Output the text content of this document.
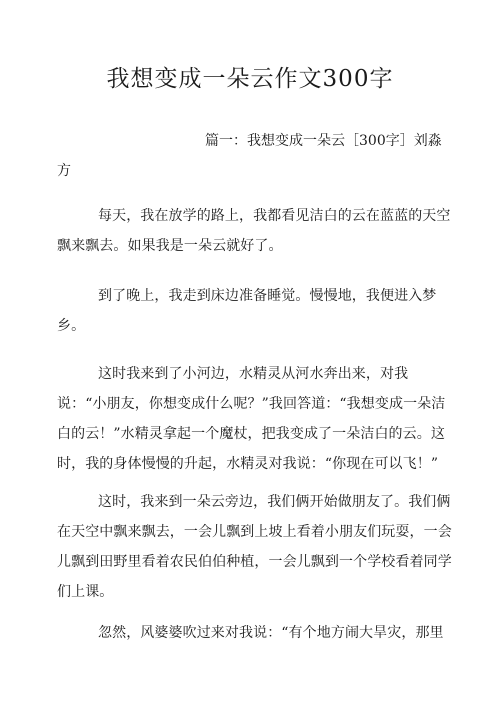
我想变成一朵云作文300字
篇一：我想变成一朵云［300字］刘淼方

每天，我在放学的路上，我都看见洁白的云在蓝蓝的天空飘来飘去。如果我是一朵云就好了。

到了晚上，我走到床边准备睡觉。慢慢地，我便进入梦乡。

这时我来到了小河边，水精灵从河水奔出来，对我说：“小朋友，你想变成什么呢？”我回答道：“我想变成一朵洁白的云！”水精灵拿起一个魔杖，把我变成了一朵洁白的云。这时，我的身体慢慢的升起，水精灵对我说：“你现在可以飞！”

这时，我来到一朵云旁边，我们俩开始做朋友了。我们俩在天空中飘来飘去，一会儿飘到上坡上看着小朋友们玩耍，一会儿飘到田野里看着农民伯伯种植，一会儿飘到一个学校看着同学们上课。

忽然，风婆婆吹过来对我说：“有个地方闹大旱灾，那里
